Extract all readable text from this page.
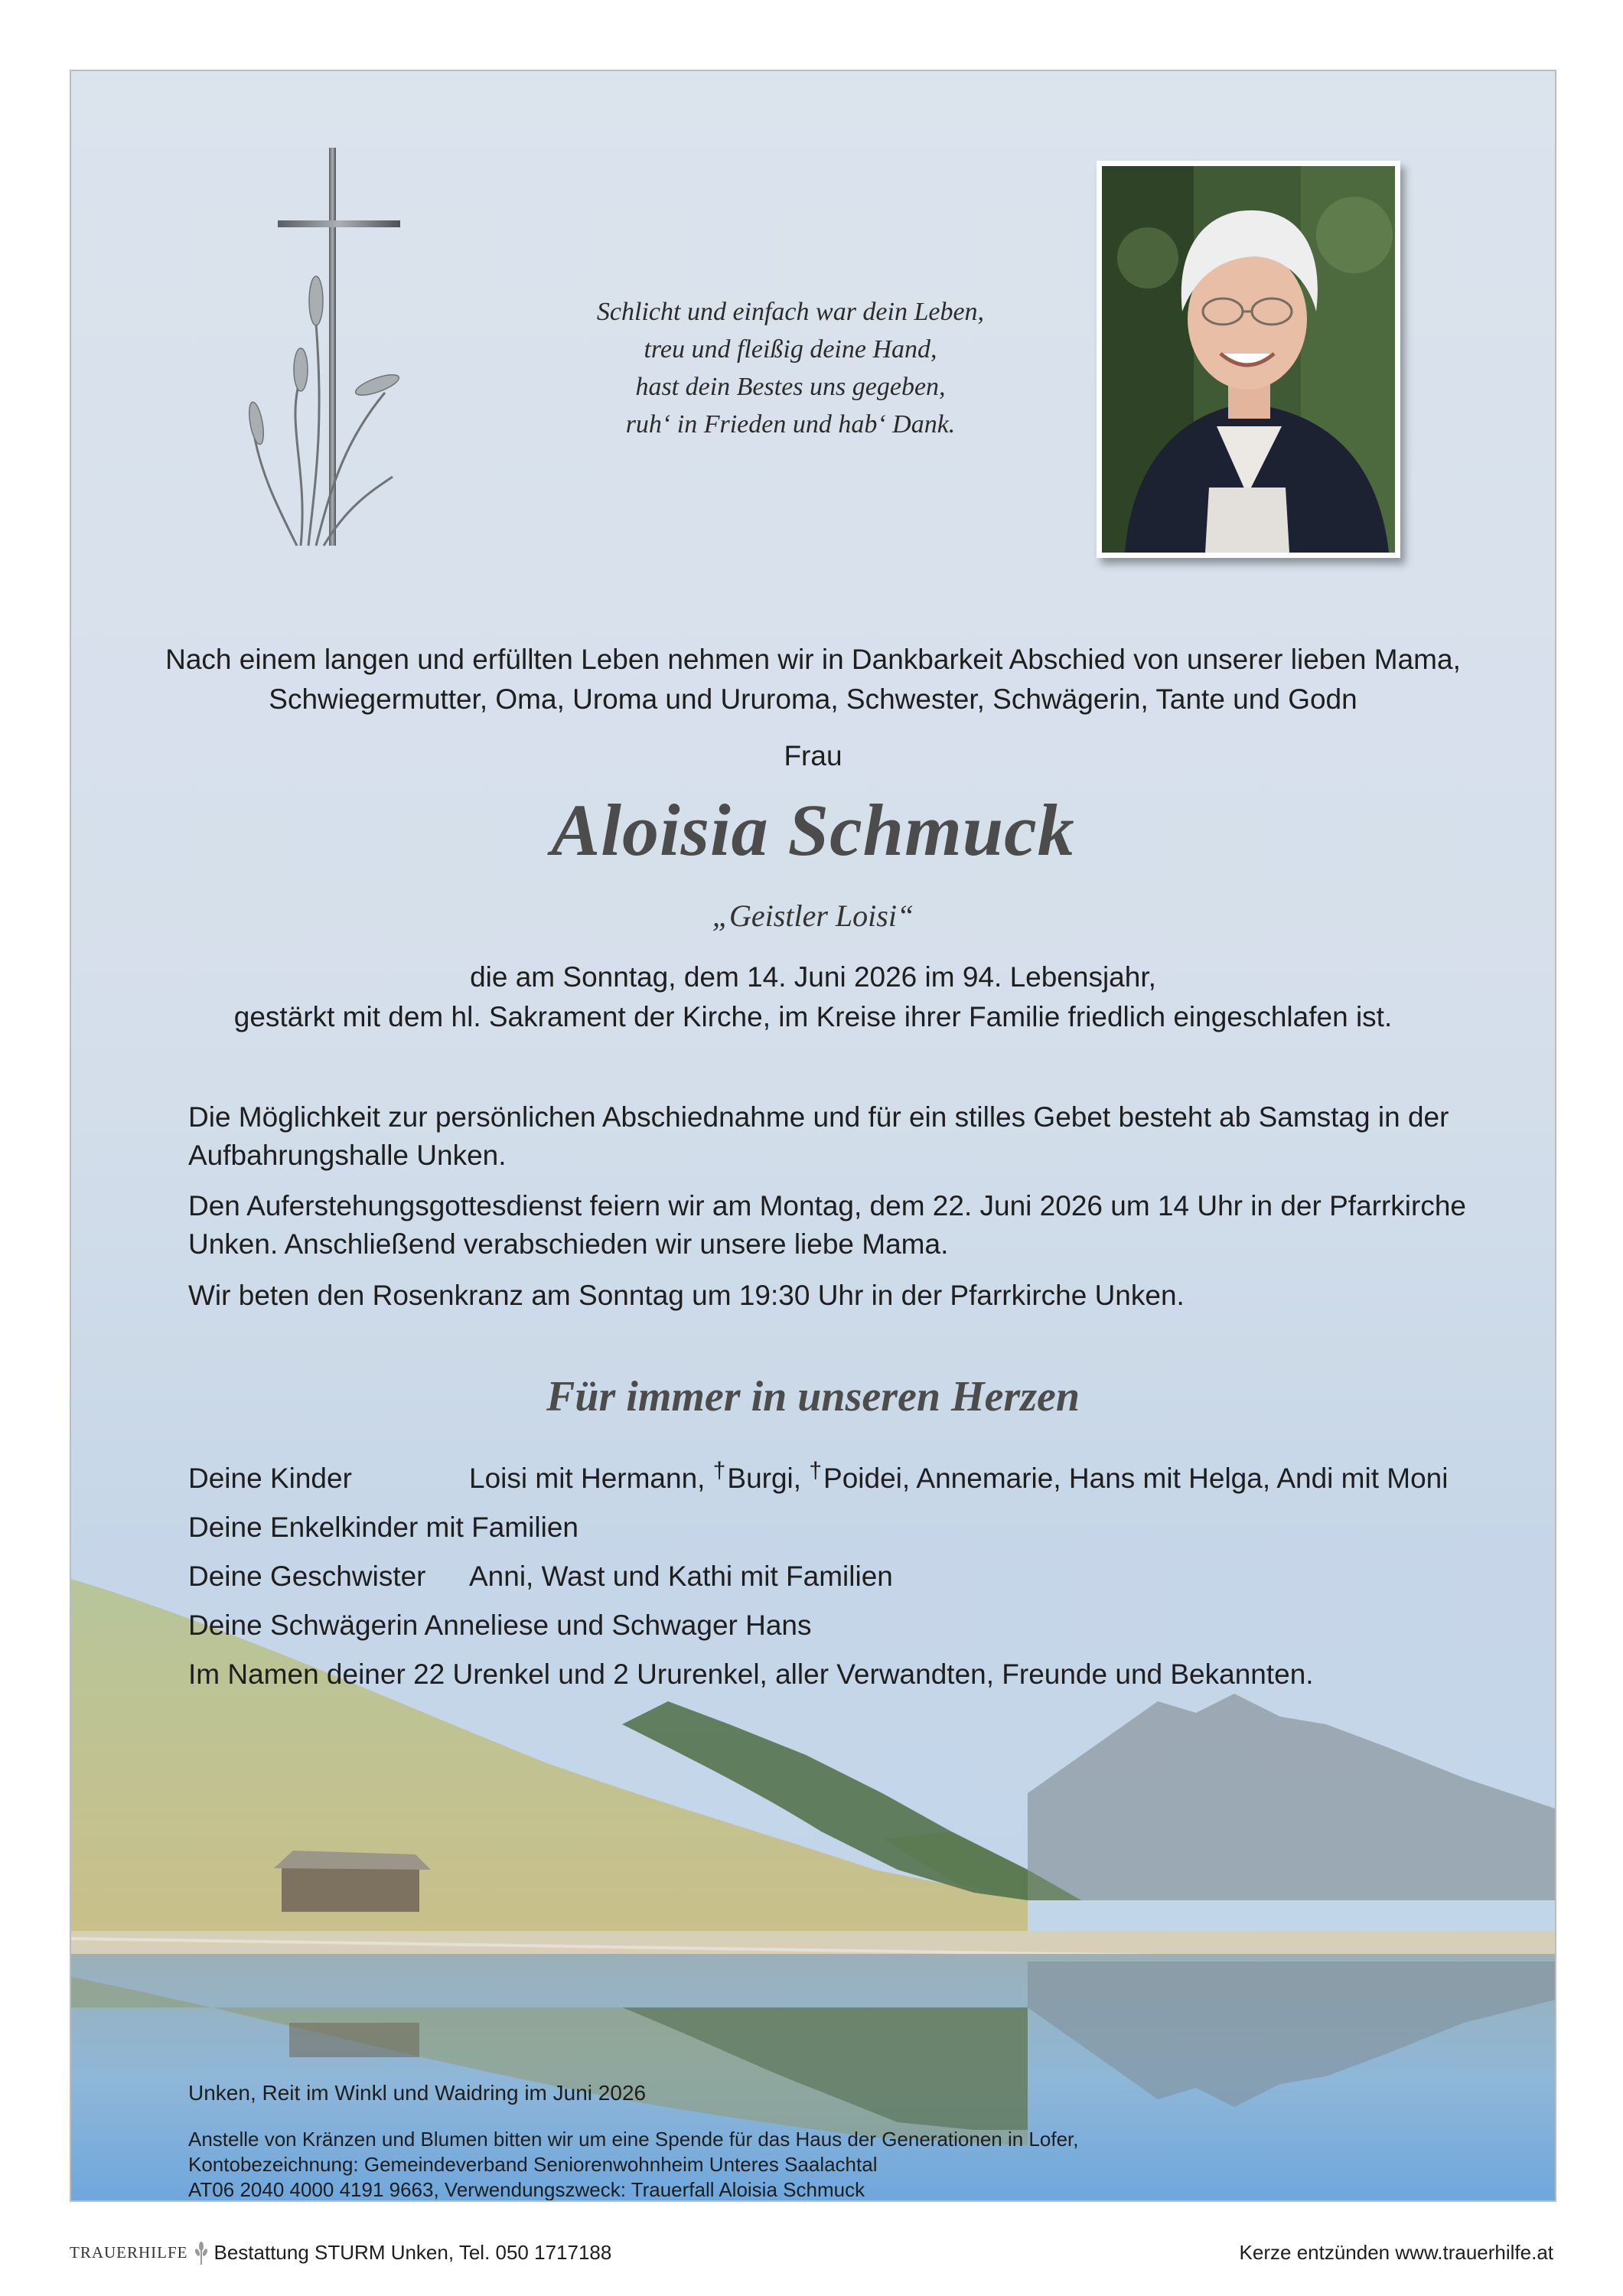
Schlicht und einfach war dein Leben,
treu und fleißig deine Hand,
hast dein Bestes uns gegeben,
ruh‘ in Frieden und hab‘ Dank.
Nach einem langen und erfüllten Leben nehmen wir in Dankbarkeit Abschied von unserer lieben Mama,
Schwiegermutter, Oma, Uroma und Ururoma, Schwester, Schwägerin, Tante und Godn
Frau
Aloisia Schmuck
„Geistler Loisi“
die am Sonntag, dem 14. Juni 2026 im 94. Lebensjahr,
gestärkt mit dem hl. Sakrament der Kirche, im Kreise ihrer Familie friedlich eingeschlafen ist.
Die Möglichkeit zur persönlichen Abschiednahme und für ein stilles Gebet besteht ab Samstag in der Aufbahrungshalle Unken.
Den Auferstehungsgottesdienst feiern wir am Montag, dem 22. Juni 2026 um 14 Uhr in der Pfarrkirche Unken. Anschließend verabschieden wir unsere liebe Mama.
Wir beten den Rosenkranz am Sonntag um 19:30 Uhr in der Pfarrkirche Unken.
Für immer in unseren Herzen
Deine Kinder	Loisi mit Hermann, †Burgi, †Poidei, Annemarie, Hans mit Helga, Andi mit Moni
Deine Enkelkinder mit Familien
Deine Geschwister Anni, Wast und Kathi mit Familien
Deine Schwägerin Anneliese und Schwager Hans
Im Namen deiner 22 Urenkel und 2 Ururenkel, aller Verwandten, Freunde und Bekannten.
Unken, Reit im Winkl und Waidring im Juni 2026
Anstelle von Kränzen und Blumen bitten wir um eine Spende für das Haus der Generationen in Lofer,
Kontobezeichnung: Gemeindeverband Seniorenwohnheim Unteres Saalachtal
AT06 2040 4000 4191 9663, Verwendungszweck: Trauerfall Aloisia Schmuck
TRAUERHILFE Bestattung STURM Unken, Tel. 050 1717188	Kerze entzünden www.trauerhilfe.at
